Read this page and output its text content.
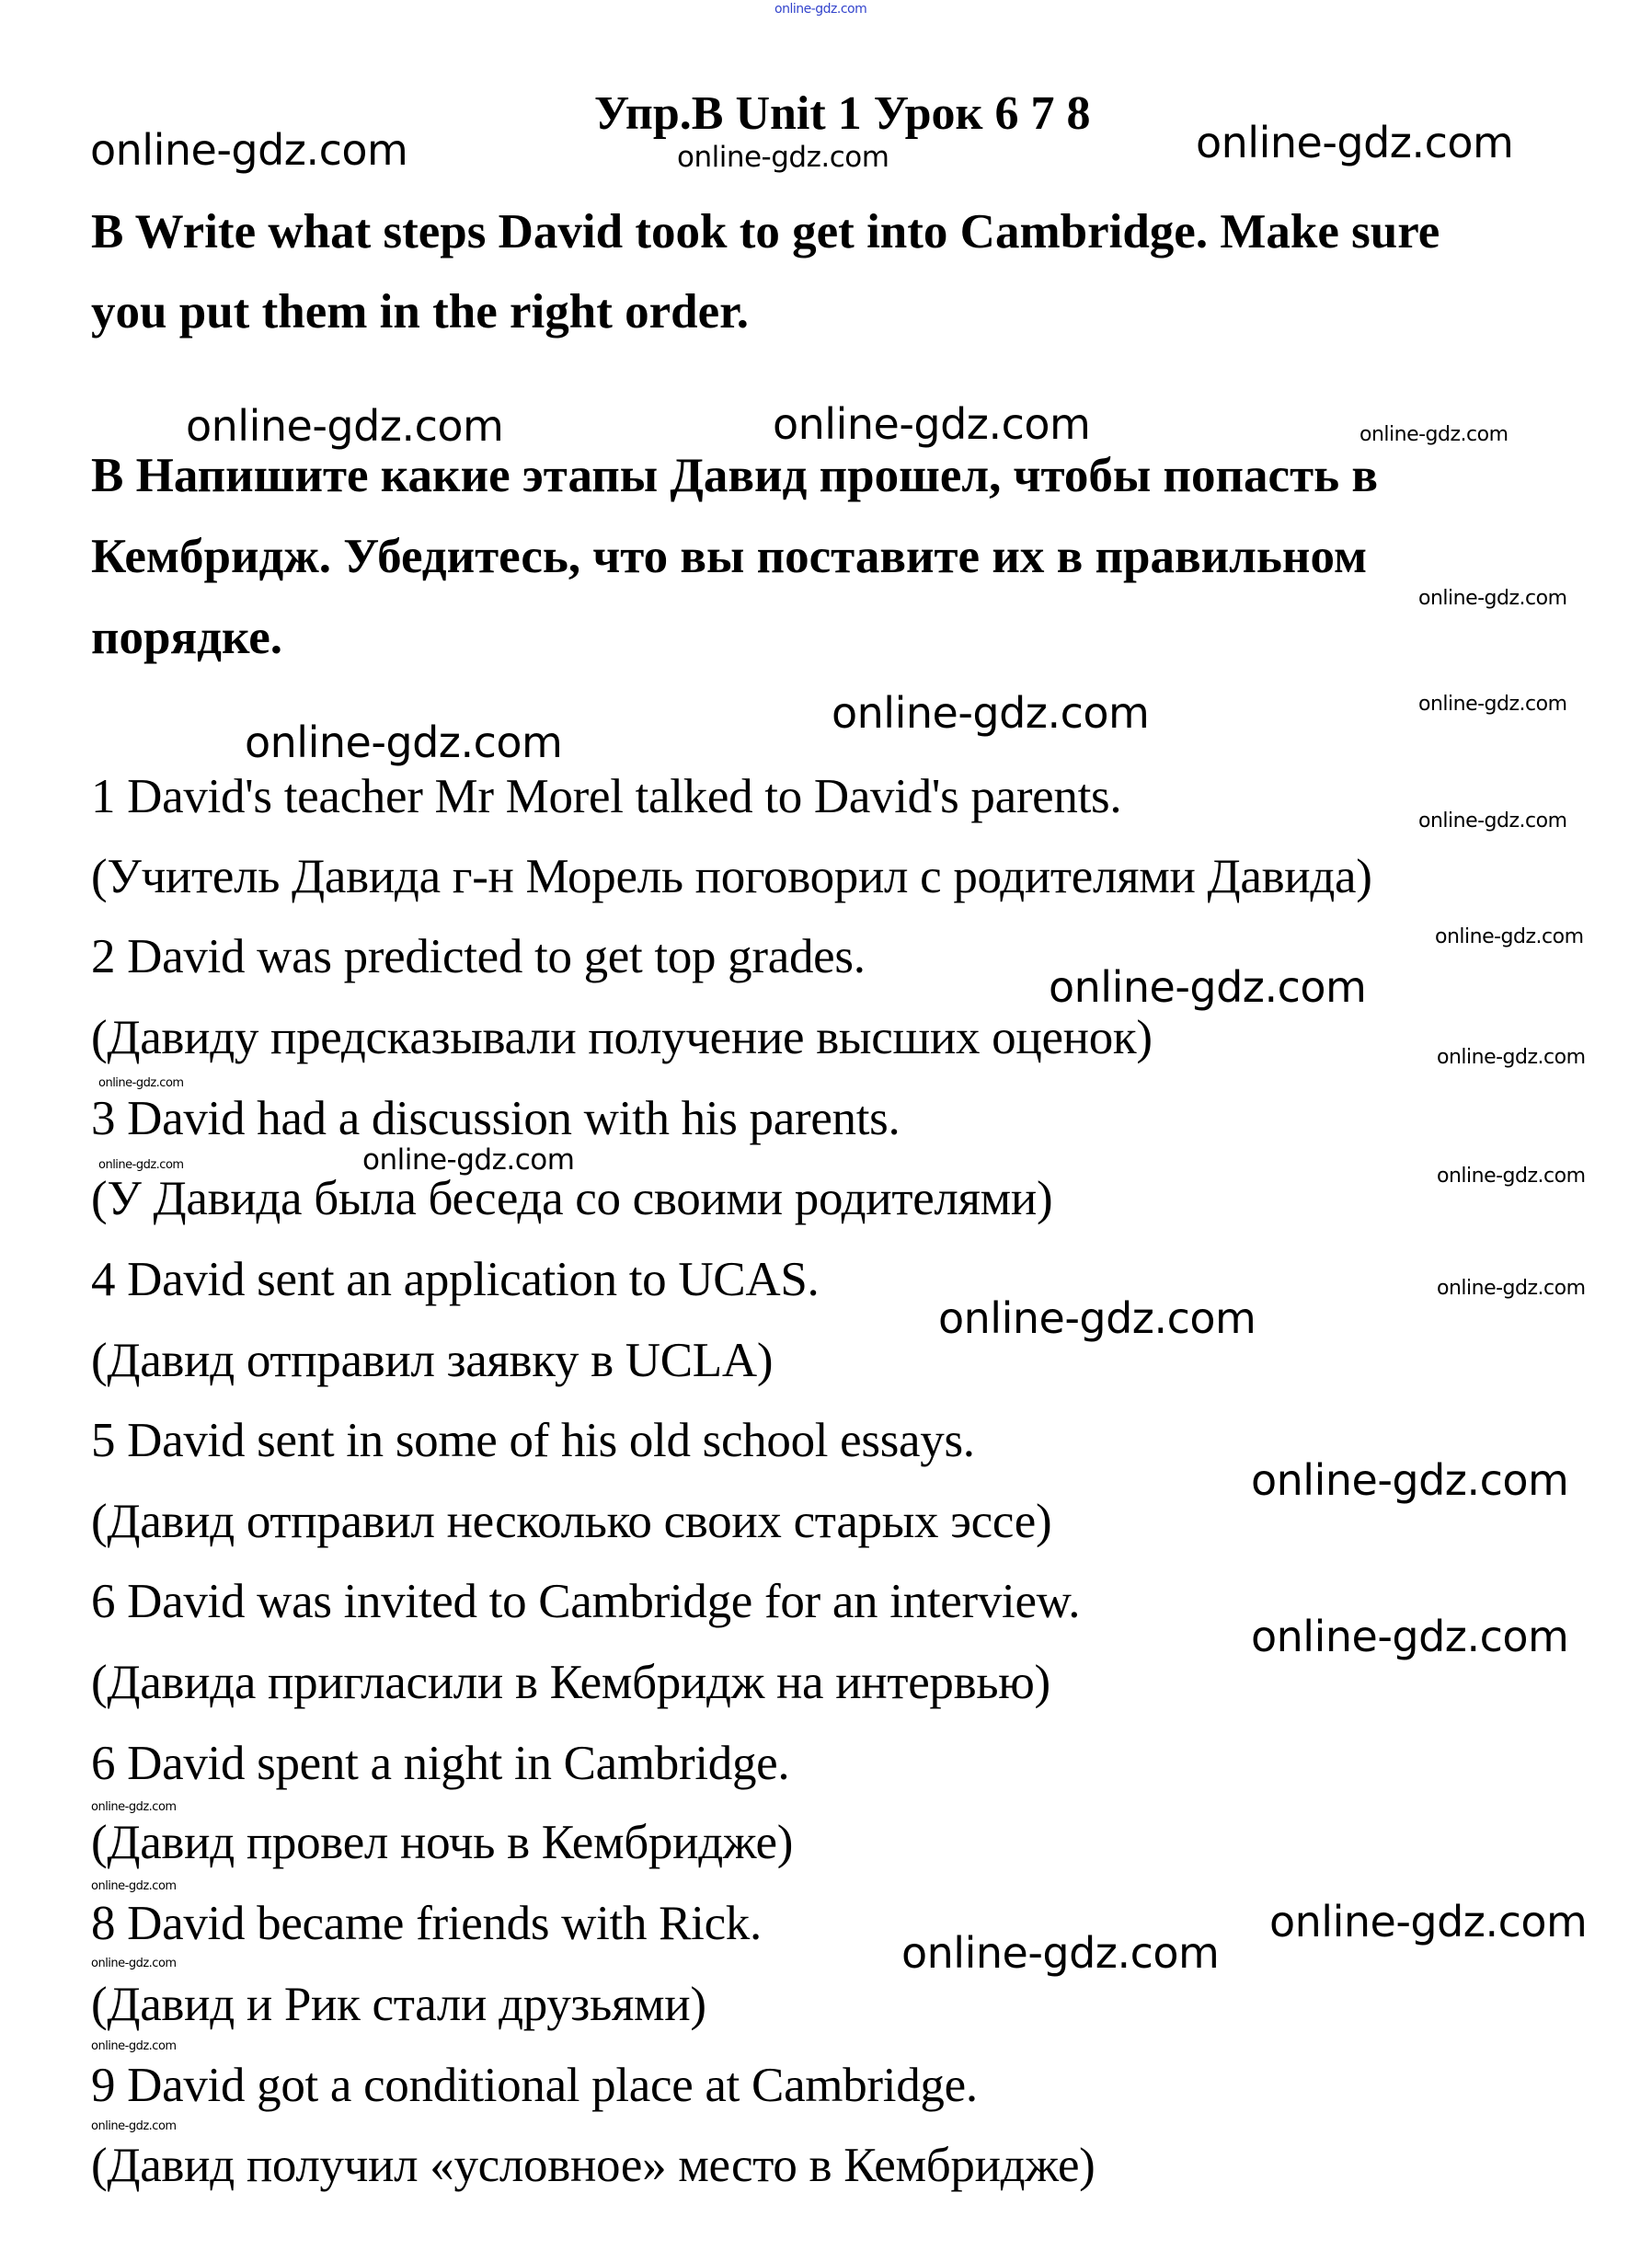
Упр.В Unit 1 Урок 6 7 8
B Write what steps David took to get into Cambridge. Make sure
you put them in the right order.
В Напишите какие этапы Давид прошел, чтобы попасть в
Кембридж. Убедитесь, что вы поставите их в правильном
порядке.
1 David's teacher Mr Morel talked to David's parents.
(Учитель Давида г-н Морель поговорил с родителями Давида)
2 David was predicted to get top grades.
(Давиду предсказывали получение высших оценок)
3 David had a discussion with his parents.
(У Давида была беседа со своими родителями)
4 David sent an application to UCAS.
(Давид отправил заявку в UCLA)
5 David sent in some of his old school essays.
(Давид отправил несколько своих старых эссе)
6 David was invited to Cambridge for an interview.
(Давида пригласили в Кембридж на интервью)
6 David spent a night in Cambridge.
(Давид провел ночь в Кембридже)
8 David became friends with Rick.
(Давид и Рик стали друзьями)
9 David got a conditional place at Cambridge.
(Давид получил «условное» место в Кембридже)
online-gdz.com
online-gdz.com	online-gdz.com	online-gdz.com
online-gdz.com	online-gdz.com	online-gdz.com
online-gdz.com
online-gdz.com	online-gdz.com
online-gdz.com
online-gdz.com
online-gdz.com
online-gdz.com
online-gdz.com
online-gdz.com
online-gdz.com
online-gdz.com	online-gdz.com
online-gdz.com
online-gdz.com
online-gdz.com
online-gdz.com
online-gdz.com
online-gdz.com
online-gdz.com
online-gdz.com	online-gdz.com
online-gdz.com
online-gdz.com
